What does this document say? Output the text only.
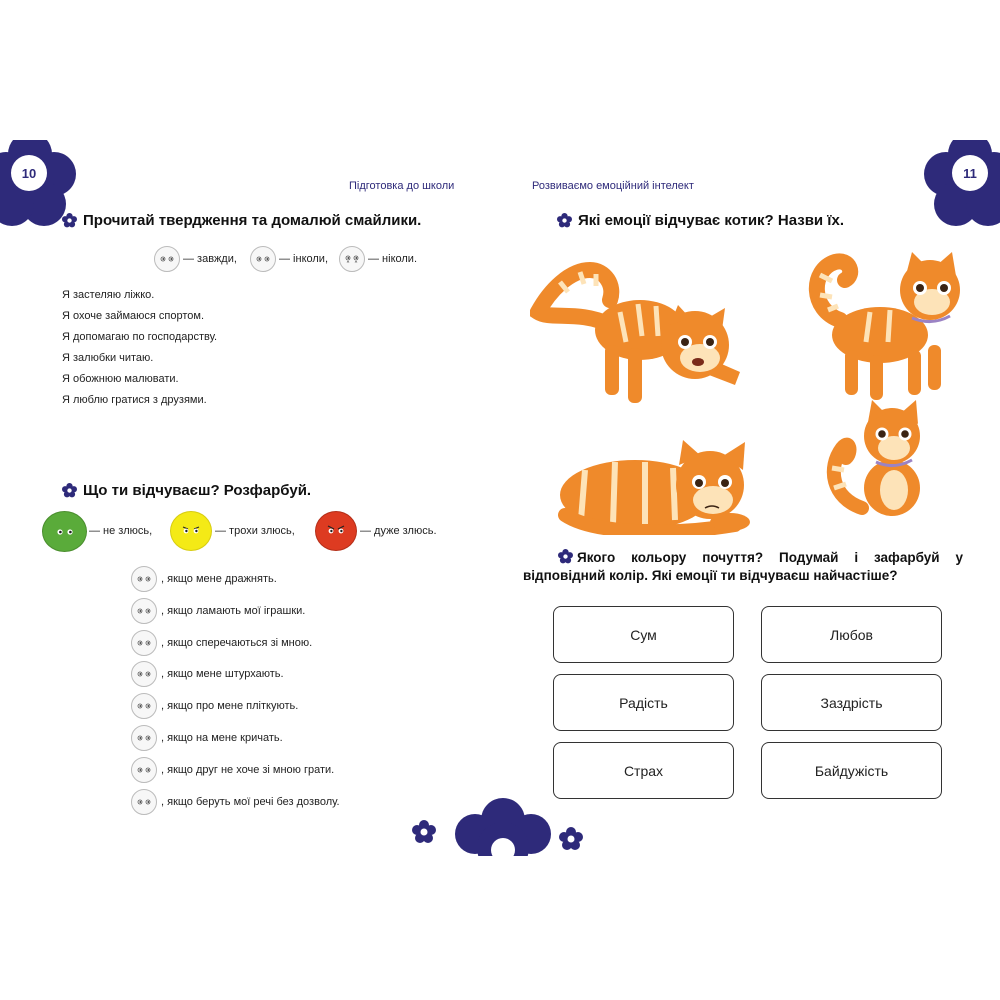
10	11
Підготовка до школи	Розвиваємо емоційний інтелект
Прочитай твердження та домалюй смайлики.
— завжди,	— інколи,	— ніколи.
Я застеляю ліжко.
Я охоче займаюся спортом.
Я допомагаю по господарству.
Я залюбки читаю.
Я обожнюю малювати.
Я люблю гратися з друзями.
Що ти відчуваєш? Розфарбуй.
— не злюсь,	— трохи злюсь,	— дуже злюсь.
, якщо мене дражнять.
, якщо ламають мої іграшки.
, якщо сперечаються зі мною.
, якщо мене штурхають.
, якщо про мене пліткують.
, якщо на мене кричать.
, якщо друг не хоче зі мною грати.
, якщо беруть мої речі без дозволу.
Які емоції відчуває котик? Назви їх.
Якого кольору почуття? Подумай і зафарбуй у відповідний колір. Які емоції ти відчуваєш найчастіше?
Сум	Любов
Радість	Заздрість
Страх	Байдужість
